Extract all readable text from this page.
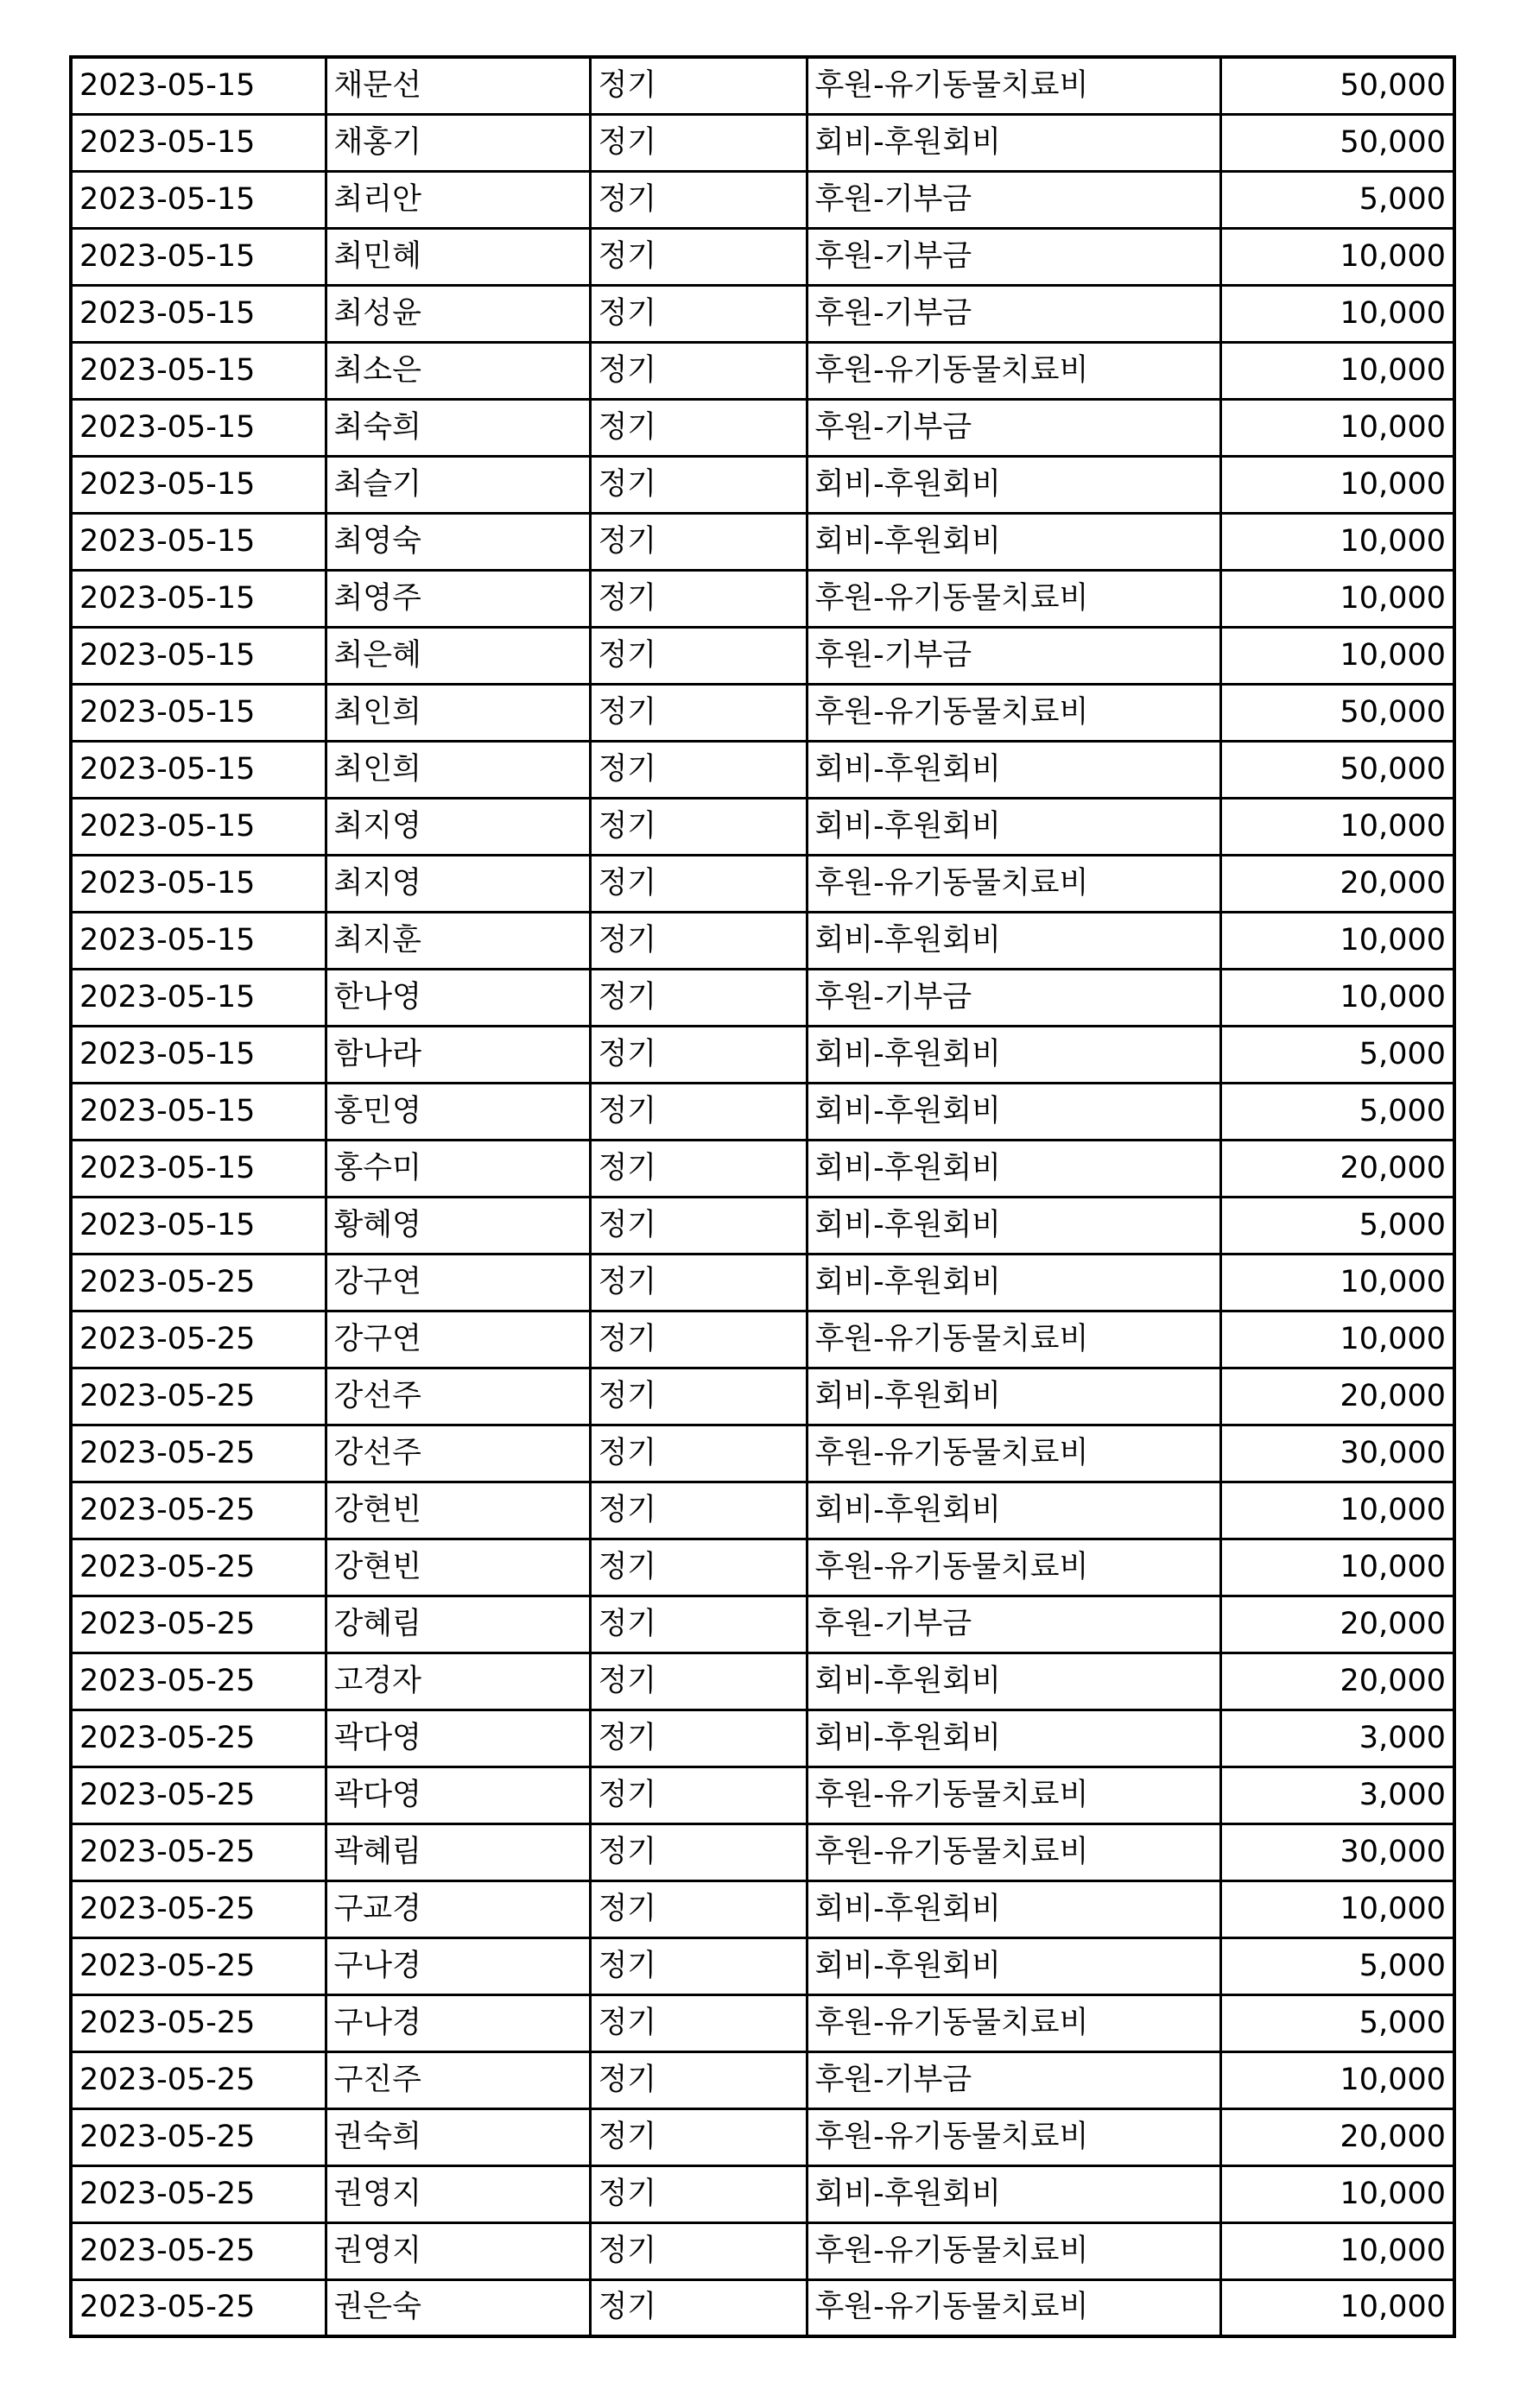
2023-05-15	채문선	정기	후원-유기동물치료비	50,000
2023-05-15	채홍기	정기	회비-후원회비	50,000
2023-05-15	최리안	정기	후원-기부금	5,000
2023-05-15	최민혜	정기	후원-기부금	10,000
2023-05-15	최성윤	정기	후원-기부금	10,000
2023-05-15	최소은	정기	후원-유기동물치료비	10,000
2023-05-15	최숙희	정기	후원-기부금	10,000
2023-05-15	최슬기	정기	회비-후원회비	10,000
2023-05-15	최영숙	정기	회비-후원회비	10,000
2023-05-15	최영주	정기	후원-유기동물치료비	10,000
2023-05-15	최은혜	정기	후원-기부금	10,000
2023-05-15	최인희	정기	후원-유기동물치료비	50,000
2023-05-15	최인희	정기	회비-후원회비	50,000
2023-05-15	최지영	정기	회비-후원회비	10,000
2023-05-15	최지영	정기	후원-유기동물치료비	20,000
2023-05-15	최지훈	정기	회비-후원회비	10,000
2023-05-15	한나영	정기	후원-기부금	10,000
2023-05-15	함나라	정기	회비-후원회비	5,000
2023-05-15	홍민영	정기	회비-후원회비	5,000
2023-05-15	홍수미	정기	회비-후원회비	20,000
2023-05-15	황혜영	정기	회비-후원회비	5,000
2023-05-25	강구연	정기	회비-후원회비	10,000
2023-05-25	강구연	정기	후원-유기동물치료비	10,000
2023-05-25	강선주	정기	회비-후원회비	20,000
2023-05-25	강선주	정기	후원-유기동물치료비	30,000
2023-05-25	강현빈	정기	회비-후원회비	10,000
2023-05-25	강현빈	정기	후원-유기동물치료비	10,000
2023-05-25	강혜림	정기	후원-기부금	20,000
2023-05-25	고경자	정기	회비-후원회비	20,000
2023-05-25	곽다영	정기	회비-후원회비	3,000
2023-05-25	곽다영	정기	후원-유기동물치료비	3,000
2023-05-25	곽혜림	정기	후원-유기동물치료비	30,000
2023-05-25	구교경	정기	회비-후원회비	10,000
2023-05-25	구나경	정기	회비-후원회비	5,000
2023-05-25	구나경	정기	후원-유기동물치료비	5,000
2023-05-25	구진주	정기	후원-기부금	10,000
2023-05-25	권숙희	정기	후원-유기동물치료비	20,000
2023-05-25	권영지	정기	회비-후원회비	10,000
2023-05-25	권영지	정기	후원-유기동물치료비	10,000
2023-05-25	권은숙	정기	후원-유기동물치료비	10,000
